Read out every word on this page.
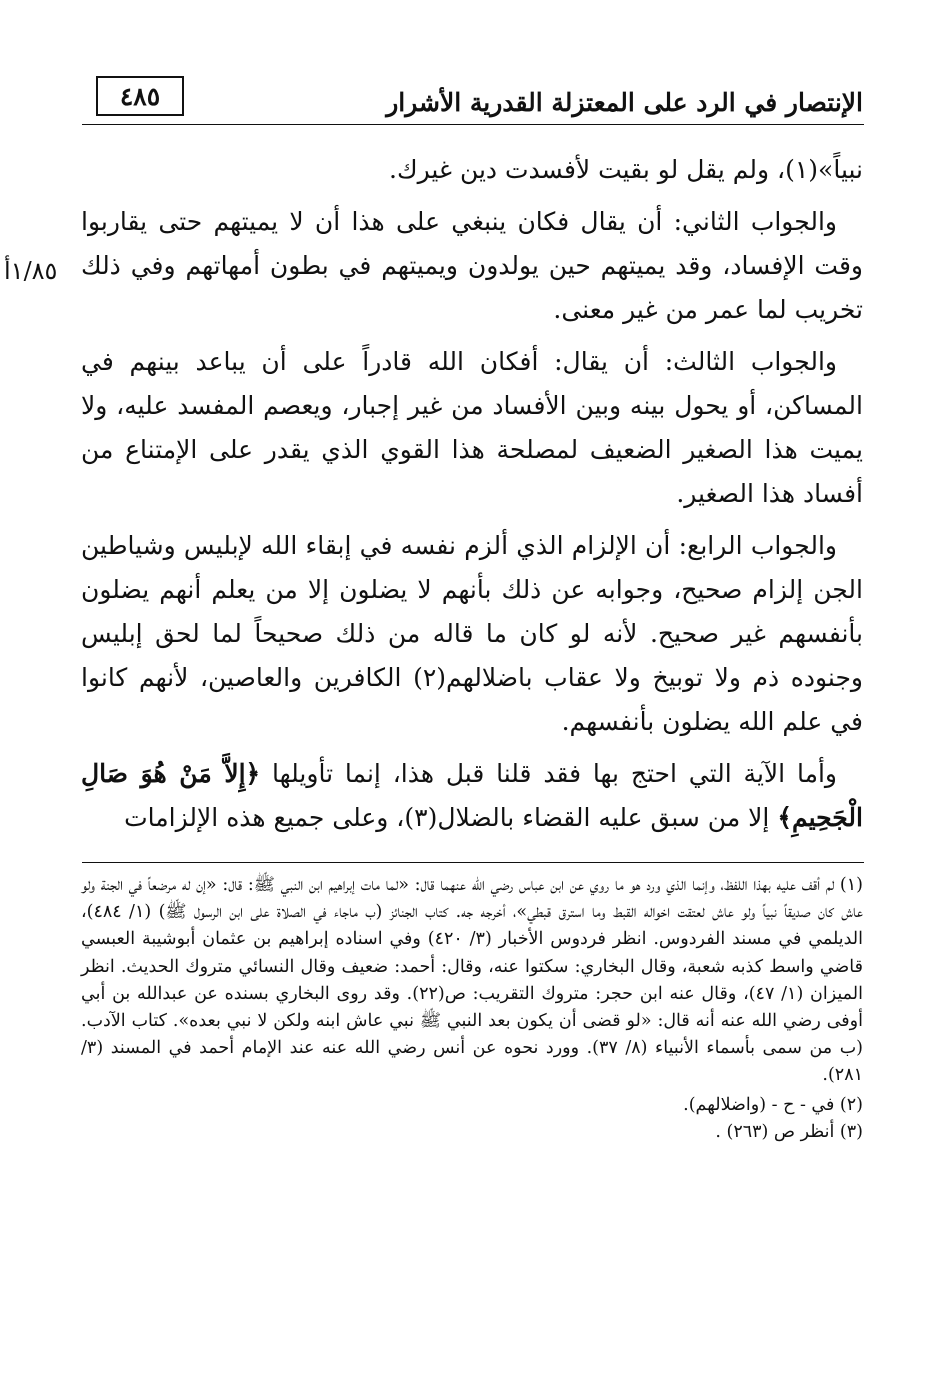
الإنتصار في الرد على المعتزلة القدرية الأشرار
٤٨٥
١/٨٥أ

نبياً»(١)، ولم يقل لو بقيت لأفسدت دين غيرك.

والجواب الثاني: أن يقال فكان ينبغي على هذا أن لا يميتهم حتى يقاربوا وقت الإفساد، وقد يميتهم حين يولدون ويميتهم في بطون أمهاتهم وفي ذلك تخريب لما عمر من غير معنى.

والجواب الثالث: أن يقال: أفكان الله قادراً على أن يباعد بينهم في المساكن، أو يحول بينه وبين الأفساد من غير إجبار، ويعصم المفسد عليه، ولا يميت هذا الصغير الضعيف لمصلحة هذا القوي الذي يقدر على الإمتناع من أفساد هذا الصغير.

والجواب الرابع: أن الإلزام الذي ألزم نفسه في إبقاء الله لإبليس وشياطين الجن إلزام صحيح، وجوابه عن ذلك بأنهم لا يضلون إلا من يعلم أنهم يضلون بأنفسهم غير صحيح. لأنه لو كان ما قاله من ذلك صحيحاً لما لحق إبليس وجنوده ذم ولا توبيخ ولا عقاب باضلالهم(٢) الكافرين والعاصين، لأنهم كانوا في علم الله يضلون بأنفسهم.

وأما الآية التي احتج بها فقد قلنا قبل هذا، إنما تأويلها ﴿إِلاَّ مَنْ هُوَ صَالِ الْجَحِيمِ﴾ إلا من سبق عليه القضاء بالضلال(٣)، وعلى جميع هذه الإلزامات

(١) لم أقف عليه بهذا اللفظ، وإنما الذي ورد هو ما روي عن ابن عباس رضي الله عنهما قال: «لما مات إبراهيم ابن النبي ﷺ: قال: «إن له مرضعاً في الجنة ولو عاش كان صديقاً نبياً ولو عاش لعتقت اخواله القبط وما استرق قبطي»، أخرجه جه. كتاب الجنائز (ب ماجاء في الصلاة على ابن الرسول ﷺ) (١/ ٤٨٤)، الديلمي في مسند الفردوس. انظر فردوس الأخبار (٣/ ٤٢٠) وفي اسناده إبراهيم بن عثمان أبوشيبة العبسي قاضي واسط كذبه شعبة، وقال البخاري: سكتوا عنه، وقال: أحمد: ضعيف وقال النسائي متروك الحديث. انظر الميزان (١/ ٤٧)، وقال عنه ابن حجر: متروك التقريب: ص(٢٢). وقد روى البخاري بسنده عن عبدالله بن أبي أوفى رضي الله عنه أنه قال: «لو قضى أن يكون بعد النبي ﷺ نبي عاش ابنه ولكن لا نبي بعده». كتاب الآدب. (ب من سمى بأسماء الأنبياء (٨/ ٣٧). وورد نحوه عن أنس رضي الله عنه عند الإمام أحمد في المسند (٣/ ٢٨١).

(٢) في - ح - (واضلالهم).

(٣) أنظر ص (٢٦٣) .
